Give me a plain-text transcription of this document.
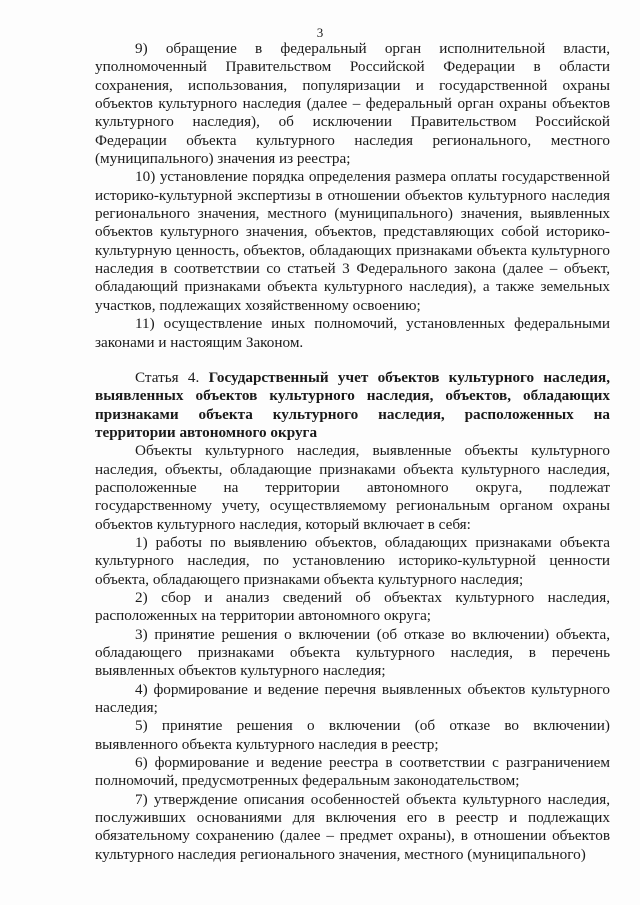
3

9) обращение в федеральный орган исполнительной власти, уполномоченный Правительством Российской Федерации в области сохранения, использования, популяризации и государственной охраны объектов культурного наследия (далее – федеральный орган охраны объектов культурного наследия), об исключении Правительством Российской Федерации объекта культурного наследия регионального, местного (муниципального) значения из реестра;

10) установление порядка определения размера оплаты государственной историко-культурной экспертизы в отношении объектов культурного наследия регионального значения, местного (муниципального) значения, выявленных объектов культурного значения, объектов, представляющих собой историко-культурную ценность, объектов, обладающих признаками объекта культурного наследия в соответствии со статьей 3 Федерального закона (далее – объект, обладающий признаками объекта культурного наследия), а также земельных участков, подлежащих хозяйственному освоению;

11) осуществление иных полномочий, установленных федеральными законами и настоящим Законом.

Статья 4. Государственный учет объектов культурного наследия, выявленных объектов культурного наследия, объектов, обладающих признаками объекта культурного наследия, расположенных на территории автономного округа

Объекты культурного наследия, выявленные объекты культурного наследия, объекты, обладающие признаками объекта культурного наследия, расположенные на территории автономного округа, подлежат государственному учету, осуществляемому региональным органом охраны объектов культурного наследия, который включает в себя:

1) работы по выявлению объектов, обладающих признаками объекта культурного наследия, по установлению историко-культурной ценности объекта, обладающего признаками объекта культурного наследия;

2) сбор и анализ сведений об объектах культурного наследия, расположенных на территории автономного округа;

3) принятие решения о включении (об отказе во включении) объекта, обладающего признаками объекта культурного наследия, в перечень выявленных объектов культурного наследия;

4) формирование и ведение перечня выявленных объектов культурного наследия;

5) принятие решения о включении (об отказе во включении) выявленного объекта культурного наследия в реестр;

6) формирование и ведение реестра в соответствии с разграничением полномочий, предусмотренных федеральным законодательством;

7) утверждение описания особенностей объекта культурного наследия, послуживших основаниями для включения его в реестр и подлежащих обязательному сохранению (далее – предмет охраны), в отношении объектов культурного наследия регионального значения, местного (муниципального)
